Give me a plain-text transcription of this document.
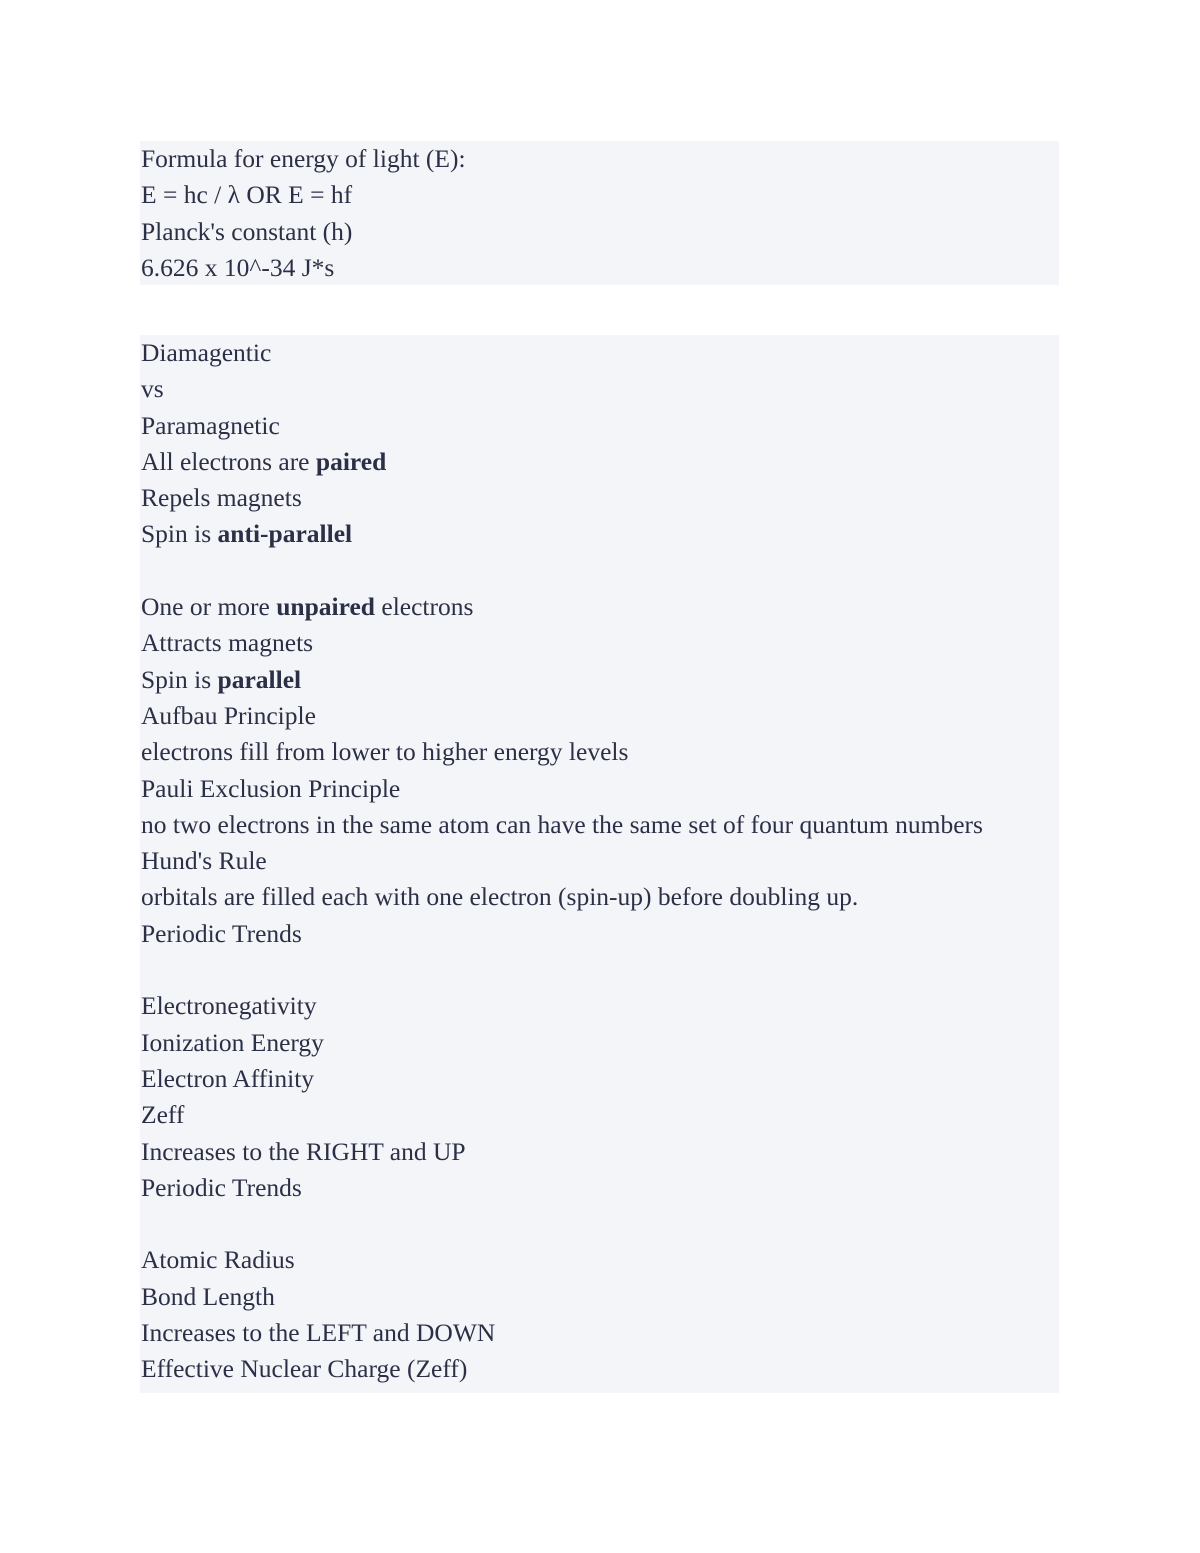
Formula for energy of light (E):
E = hc / λ OR E = hf
Planck's constant (h)
6.626 x 10^-34 J*s
Diamagentic
vs
Paramagnetic
All electrons are paired
Repels magnets
Spin is anti-parallel
One or more unpaired electrons
Attracts magnets
Spin is parallel
Aufbau Principle
electrons fill from lower to higher energy levels
Pauli Exclusion Principle
no two electrons in the same atom can have the same set of four quantum numbers
Hund's Rule
orbitals are filled each with one electron (spin-up) before doubling up.
Periodic Trends
Electronegativity
Ionization Energy
Electron Affinity
Zeff
Increases to the RIGHT and UP
Periodic Trends
Atomic Radius
Bond Length
Increases to the LEFT and DOWN
Effective Nuclear Charge (Zeff)
